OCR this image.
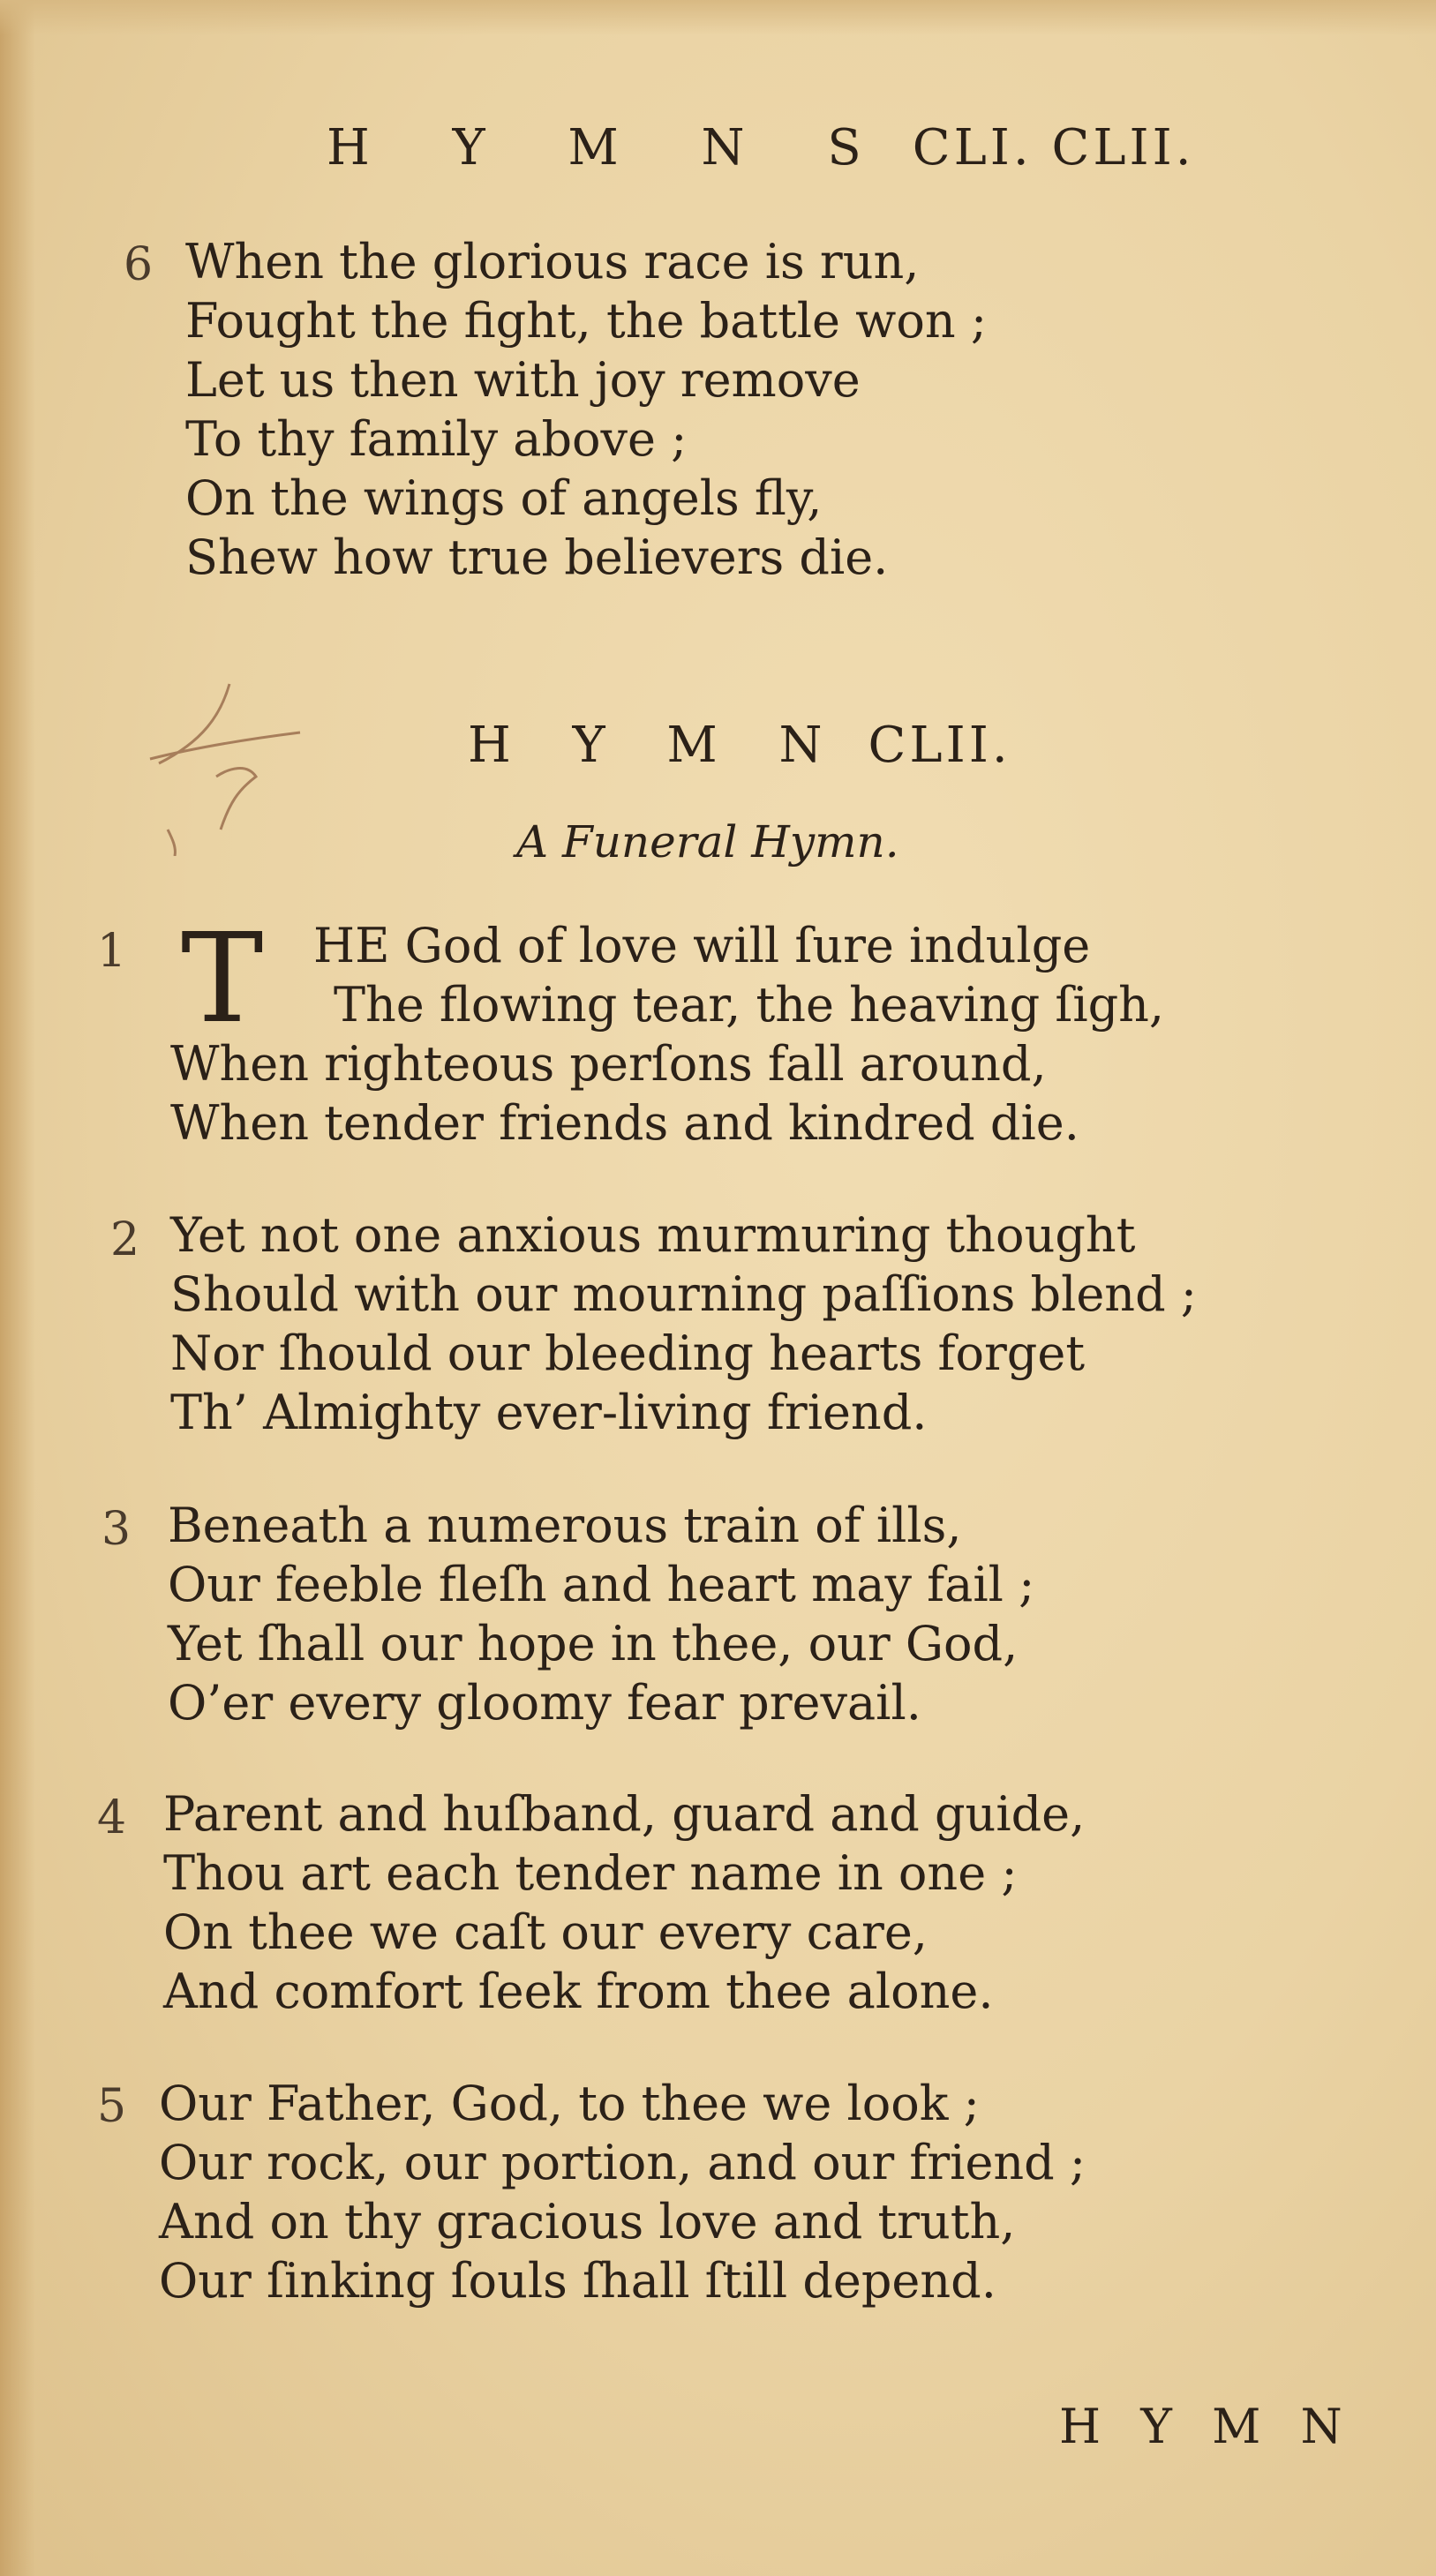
H Y M N S CLI. CLII.
6 When the glorious race is run,
Fought the fight, the battle won ;
Let us then with joy remove
To thy family above ;
On the wings of angels fly,
Shew how true believers die.
H Y M N CLII.
A Funeral Hymn.
T
1	HE God of love will ſure indulge
The flowing tear, the heaving ſigh,
When righteous perſons fall around,
When tender friends and kindred die.
2 Yet not one anxious murmuring thought
Should with our mourning paſſions blend ;
Nor ſhould our bleeding hearts forget
Th’ Almighty ever-living friend.
3 Beneath a numerous train of ills,
Our feeble fleſh and heart may fail ;
Yet ſhall our hope in thee, our God,
O’er every gloomy fear prevail.
4 Parent and huſband, guard and guide,
Thou art each tender name in one ;
On thee we caſt our every care,
And comfort ſeek from thee alone.
5 Our Father, God, to thee we look ;
Our rock, our portion, and our friend ;
And on thy gracious love and truth,
Our ſinking ſouls ſhall ſtill depend.
H Y M N
